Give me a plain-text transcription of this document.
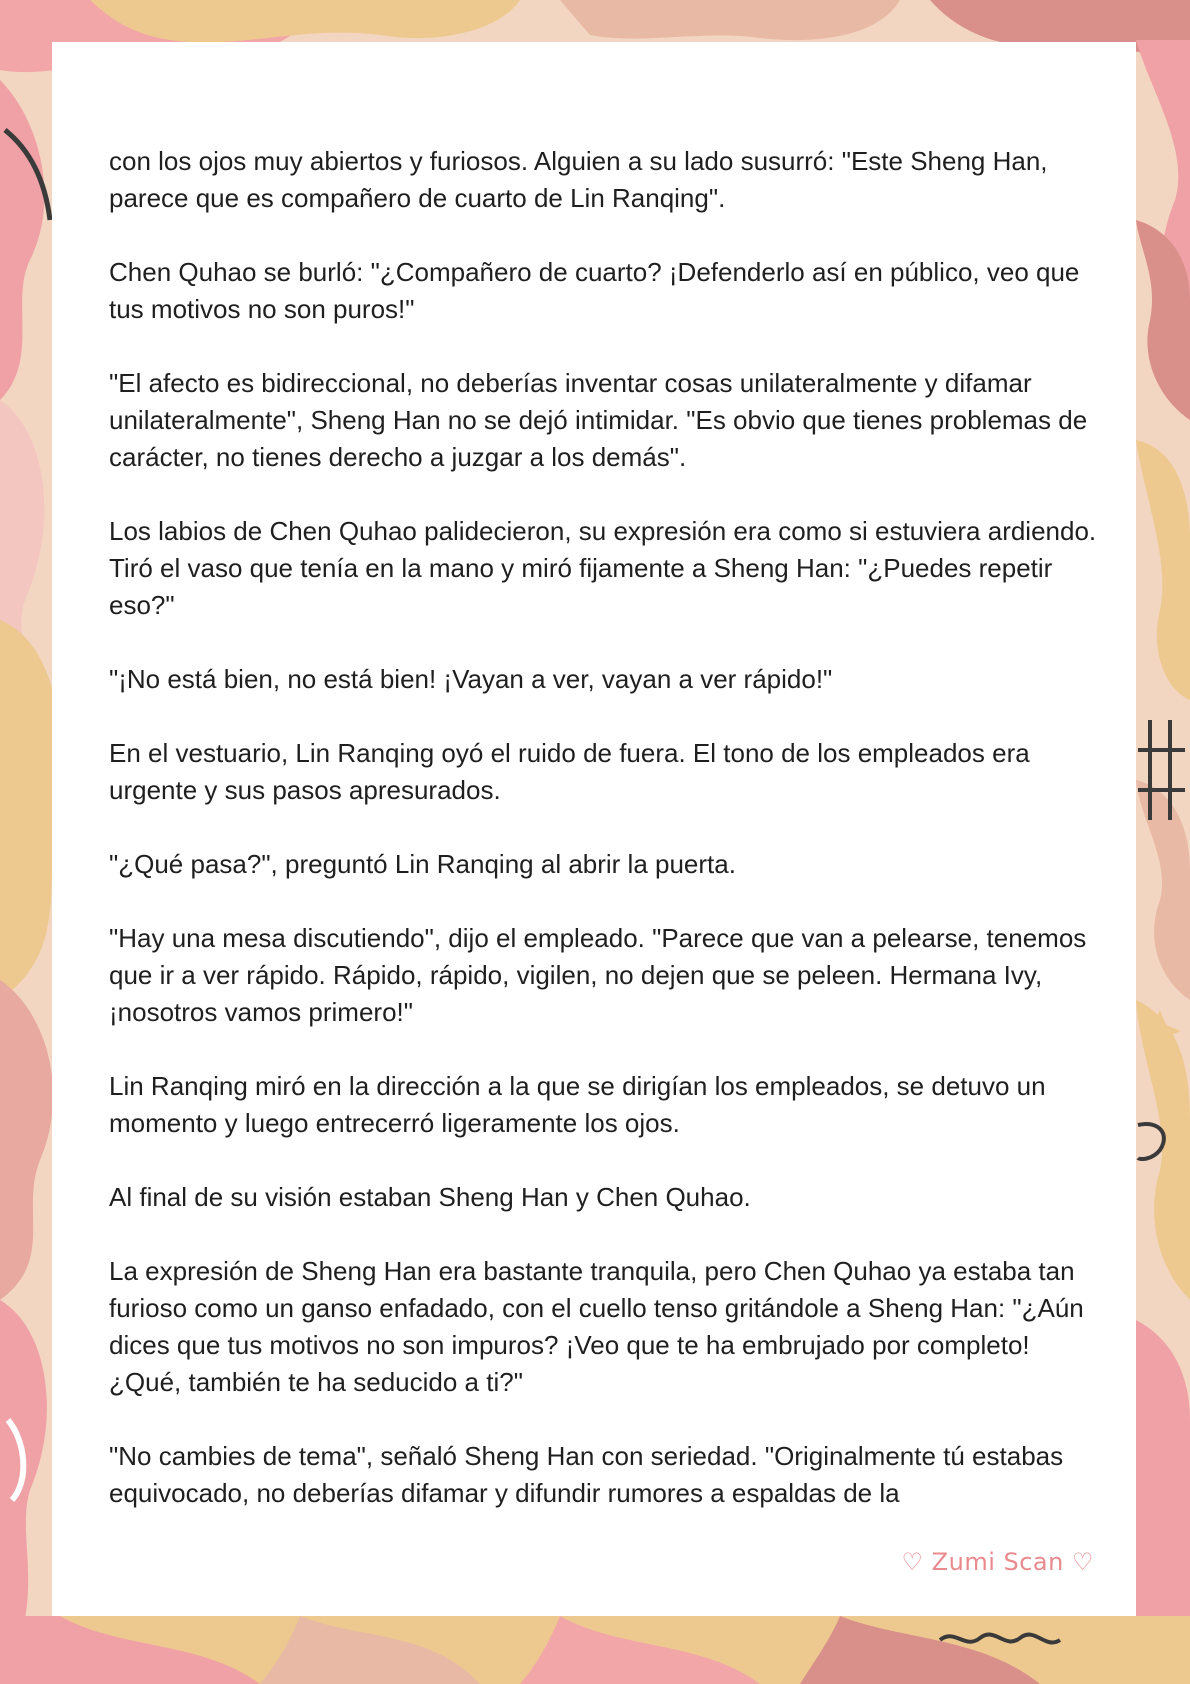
con los ojos muy abiertos y furiosos. Alguien a su lado susurró: "Este Sheng Han, parece que es compañero de cuarto de Lin Ranqing".

Chen Quhao se burló: "¿Compañero de cuarto? ¡Defenderlo así en público, veo que tus motivos no son puros!"

"El afecto es bidireccional, no deberías inventar cosas unilateralmente y difamar unilateralmente", Sheng Han no se dejó intimidar. "Es obvio que tienes problemas de carácter, no tienes derecho a juzgar a los demás".

Los labios de Chen Quhao palidecieron, su expresión era como si estuviera ardiendo. Tiró el vaso que tenía en la mano y miró fijamente a Sheng Han: "¿Puedes repetir eso?"

"¡No está bien, no está bien! ¡Vayan a ver, vayan a ver rápido!"

En el vestuario, Lin Ranqing oyó el ruido de fuera. El tono de los empleados era urgente y sus pasos apresurados.

"¿Qué pasa?", preguntó Lin Ranqing al abrir la puerta.

"Hay una mesa discutiendo", dijo el empleado. "Parece que van a pelearse, tenemos que ir a ver rápido. Rápido, rápido, vigilen, no dejen que se peleen. Hermana Ivy, ¡nosotros vamos primero!"

Lin Ranqing miró en la dirección a la que se dirigían los empleados, se detuvo un momento y luego entrecerró ligeramente los ojos.

Al final de su visión estaban Sheng Han y Chen Quhao.

La expresión de Sheng Han era bastante tranquila, pero Chen Quhao ya estaba tan furioso como un ganso enfadado, con el cuello tenso gritándole a Sheng Han: "¿Aún dices que tus motivos no son impuros? ¡Veo que te ha embrujado por completo! ¿Qué, también te ha seducido a ti?"

"No cambies de tema", señaló Sheng Han con seriedad. "Originalmente tú estabas equivocado, no deberías difamar y difundir rumores a espaldas de la

♡ Zumi Scan ♡
